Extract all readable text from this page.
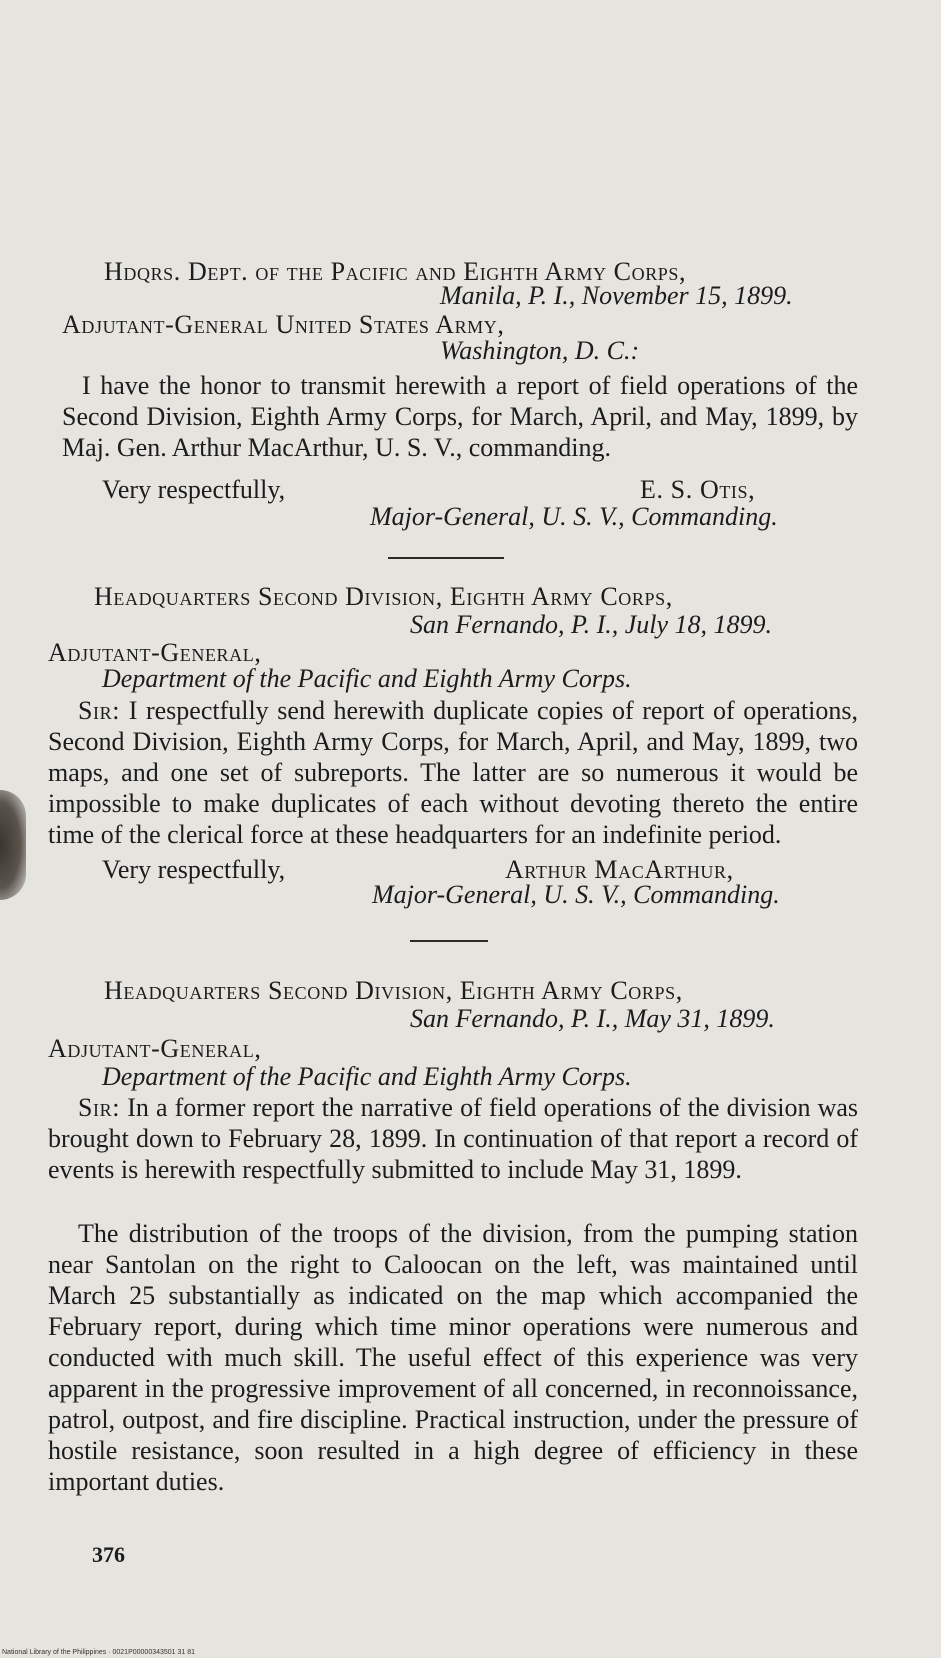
Hdqrs. Dept. of the Pacific and Eighth Army Corps,
Manila, P. I., November 15, 1899.
Adjutant-General United States Army,
Washington, D. C.:
I have the honor to transmit herewith a report of field operations of the Second Division, Eighth Army Corps, for March, April, and May, 1899, by Maj. Gen. Arthur MacArthur, U. S. V., commanding.
Very respectfully,	E. S. Otis,
Major-General, U. S. V., Commanding.
Headquarters Second Division, Eighth Army Corps,
San Fernando, P. I., July 18, 1899.
Adjutant-General,
Department of the Pacific and Eighth Army Corps.
Sir: I respectfully send herewith duplicate copies of report of operations, Second Division, Eighth Army Corps, for March, April, and May, 1899, two maps, and one set of subreports. The latter are so numerous it would be impossible to make duplicates of each without devoting thereto the entire time of the clerical force at these headquarters for an indefinite period.
Very respectfully,	Arthur MacArthur,
Major-General, U. S. V., Commanding.
Headquarters Second Division, Eighth Army Corps,
San Fernando, P. I., May 31, 1899.
Adjutant-General,
Department of the Pacific and Eighth Army Corps.
Sir: In a former report the narrative of field operations of the division was brought down to February 28, 1899. In continuation of that report a record of events is herewith respectfully submitted to include May 31, 1899.
The distribution of the troops of the division, from the pumping station near Santolan on the right to Caloocan on the left, was maintained until March 25 substantially as indicated on the map which accompanied the February report, during which time minor operations were numerous and conducted with much skill. The useful effect of this experience was very apparent in the progressive improvement of all concerned, in reconnoissance, patrol, outpost, and fire discipline. Practical instruction, under the pressure of hostile resistance, soon resulted in a high degree of efficiency in these important duties.
376
National Library of the Philippines · 0021P00000343501 31 81
